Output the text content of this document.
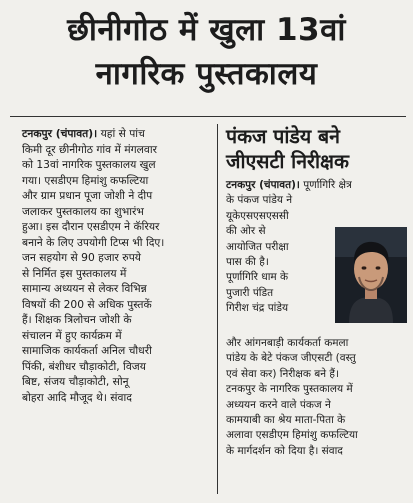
छीनीगोठ में खुला 13वां
नागरिक पुस्तकालय

टनकपुर (चंपावत)। यहां से पांच

किमी दूर छीनीगोठ गांव में मंगलवार
को 13वां नागरिक पुस्तकालय खुल
गया। एसडीएम हिमांशु कफल्टिया
और ग्राम प्रधान पूजा जोशी ने दीप
जलाकर पुस्तकालय का शुभारंभ
हुआ। इस दौरान एसडीएम ने कॅरियर
बनाने के लिए उपयोगी टिप्स भी दिए।
जन सहयोग से 90 हजार रुपये
से निर्मित इस पुस्तकालय में
सामान्य अध्ययन से लेकर विभिन्न
विषयों की 200 से अधिक पुस्तकें
हैं। शिक्षक त्रिलोचन जोशी के
संचालन में हुए कार्यक्रम में
सामाजिक कार्यकर्ता अनिल चौधरी
पिंकी, बंशीधर चौड़ाकोटी, विजय
बिष्ट, संजय चौड़ाकोटी, सोनू
बोहरा आदि मौजूद थे। संवाद
पंकज पांडेय बने
जीएसटी निरीक्षक
टनकपुर (चंपावत)। पूर्णागिरि क्षेत्र
के पंकज पांडेय ने
यूकेएसएसएससी
की ओर से
आयोजित परीक्षा
पास की है।
पूर्णागिरि धाम के
पुजारी पंडित
गिरीश चंद्र पांडेय
और आंगनबाड़ी कार्यकर्ता कमला
पांडेय के बेटे पंकज जीएसटी (वस्तु
एवं सेवा कर) निरीक्षक बने हैं।
टनकपुर के नागरिक पुस्तकालय में
अध्ययन करने वाले पंकज ने
कामयाबी का श्रेय माता-पिता के
अलावा एसडीएम हिमांशु कफल्टिया
के मार्गदर्शन को दिया है। संवाद
